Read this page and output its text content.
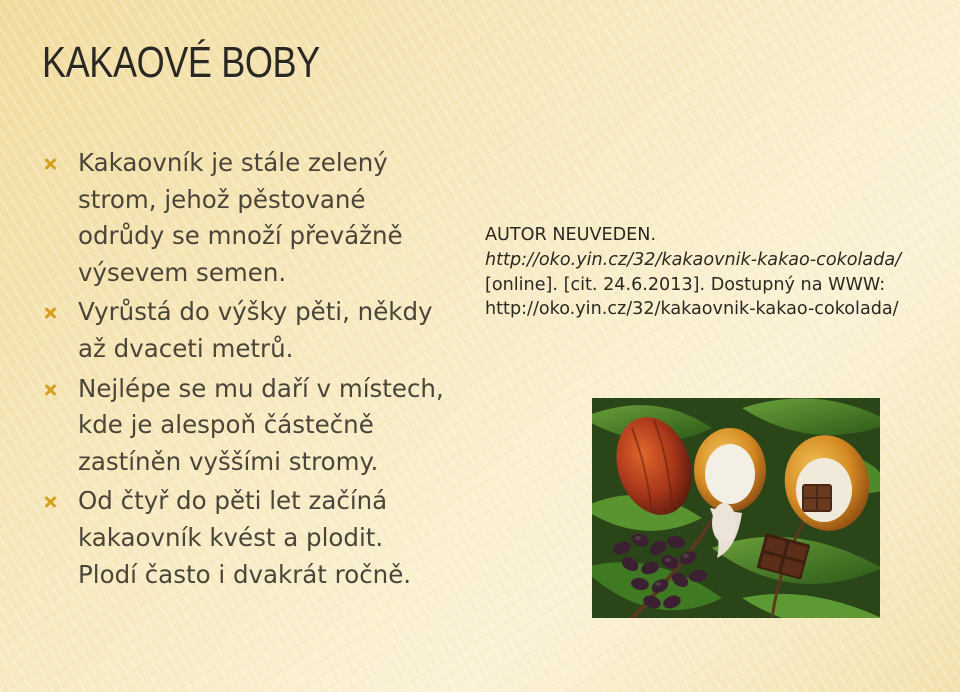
KAKAOVÉ BOBY
Kakaovník je stále zelený strom, jehož pěstované odrůdy se množí převážně výsevem semen.
Vyrůstá do výšky pěti, někdy až dvaceti metrů.
Nejlépe se mu daří v místech, kde je alespoň částečně zastíněn vyššími stromy.
Od čtyř do pěti let začíná kakaovník kvést a plodit. Plodí často i dvakrát ročně.
AUTOR NEUVEDEN. http://oko.yin.cz/32/kakaovnik-kakao-cokolada/ [online]. [cit. 24.6.2013]. Dostupný na WWW: http://oko.yin.cz/32/kakaovnik-kakao-cokolada/
